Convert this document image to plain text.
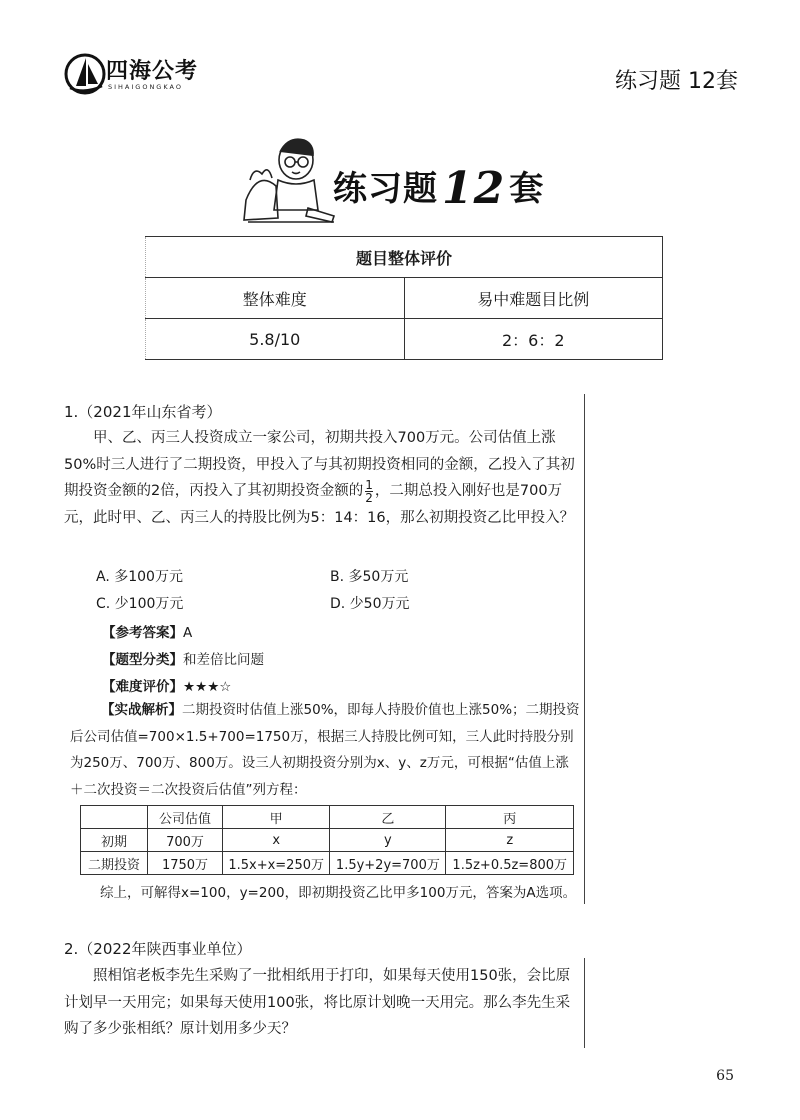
四海公考
SIHAIGONGKAO	练习题 12套
练习题12 套
题目整体评价	
整体难度	易中难题目比例
5.8/10	2：6：2
1.（2021年山东省考）
甲、乙、丙三人投资成立一家公司，初期共投入700万元。公司估值上涨50%时三人进行了二期投资，甲投入了与其初期投资相同的金额，乙投入了其初期投资金额的2倍，丙投入了其初期投资金额的 $\frac{1}{2}$ ，二期总投入刚好也是700万元，此时甲、乙、丙三人的持股比例为5：14：16，那么初期投资乙比甲投入？
A. 多100万元	B. 多50万元
C. 少100万元	D. 少50万元
【参考答案】A
【题型分类】和差倍比问题
【难度评价】★★★☆
【实战解析】二期投资时估值上涨50%，即每人持股价值也上涨50%；二期投资后公司估值=700×1.5+700=1750万，根据三人持股比例可知，三人此时持股分别为250万、700万、800万。设三人初期投资分别为x、y、z万元，可根据“估值上涨＋二次投资＝二次投资后估值”列方程：
	公司估值	甲	乙	丙
初期	700万	x	y	z
二期投资	1750万	1.5x+x=250万	1.5y+2y=700万	1.5z+0.5z=800万
综上，可解得x=100，y=200，即初期投资乙比甲多100万元，答案为A选项。
2.（2022年陕西事业单位）
照相馆老板李先生采购了一批相纸用于打印，如果每天使用150张，会比原计划早一天用完；如果每天使用100张，将比原计划晚一天用完。那么李先生采购了多少张相纸？原计划用多少天？
65
